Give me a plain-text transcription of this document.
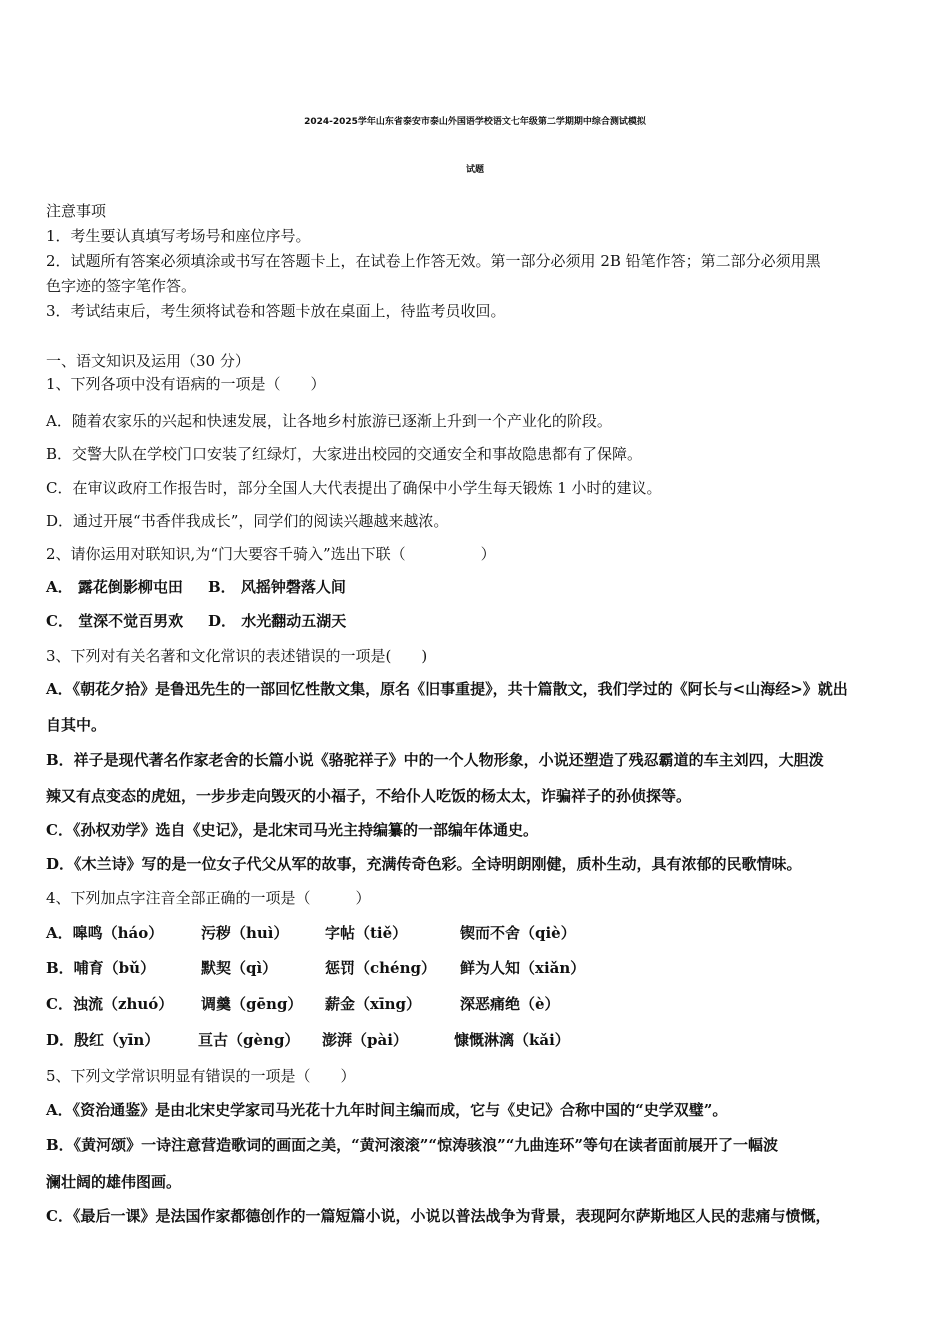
2024-2025学年山东省泰安市泰山外国语学校语文七年级第二学期期中综合测试模拟
试题

注意事项

1．考生要认真填写考场号和座位序号。

2．试题所有答案必须填涂或书写在答题卡上，在试卷上作答无效。第一部分必须用 2B 铅笔作答；第二部分必须用黑

色字迹的签字笔作答。

3．考试结束后，考生须将试卷和答题卡放在桌面上，待监考员收回。

一、语文知识及运用（30 分）

1、下列各项中没有语病的一项是（　　）

A．随着农家乐的兴起和快速发展，让各地乡村旅游已逐渐上升到一个产业化的阶段。

B．交警大队在学校门口安装了红绿灯，大家进出校园的交通安全和事故隐患都有了保障。

C．在审议政府工作报告时，部分全国人大代表提出了确保中小学生每天锻炼 1 小时的建议。

D．通过开展“书香伴我成长”，同学们的阅读兴趣越来越浓。

2、请你运用对联知识,为“门大要容千骑入”选出下联（　　　　　）

A． 露花倒影柳屯田 B． 风摇钟磬落人间

C． 堂深不觉百男欢 D． 水光翻动五湖天

3、下列对有关名著和文化常识的表述错误的一项是(　　)

A．《朝花夕拾》是鲁迅先生的一部回忆性散文集，原名《旧事重提》，共十篇散文，我们学过的《阿长与<山海经>》就出

自其中。

B．祥子是现代著名作家老舍的长篇小说《骆驼祥子》中的一个人物形象，小说还塑造了残忍霸道的车主刘四，大胆泼

辣又有点变态的虎妞，一步步走向毁灭的小福子，不给仆人吃饭的杨太太，诈骗祥子的孙侦探等。

C．《孙权劝学》选自《史记》，是北宋司马光主持编纂的一部编年体通史。

D．《木兰诗》写的是一位女子代父从军的故事，充满传奇色彩。全诗明朗刚健，质朴生动，具有浓郁的民歌情味。

4、下列加点字注音全部正确的一项是（　　　）

A．嗥鸣（háo）	污秽（huì） 字帖（tiě）	锲而不舍（qiè）

B．哺育（bǔ）	默契（qì）	惩罚（chéng） 鲜为人知（xiǎn）

C．浊流（zhuó） 调羹（gēng） 薪金（xīng）	深恶痛绝（è）

D．殷红（yīn）	亘古（gèng） 澎湃（pài）	慷慨淋漓（kǎi）

5、下列文学常识明显有错误的一项是（　　）

A．《资治通鉴》是由北宋史学家司马光花十九年时间主编而成，它与《史记》合称中国的“史学双璧”。

B．《黄河颂》一诗注意营造歌词的画面之美，“黄河滚滚”“惊涛骇浪”“九曲连环”等句在读者面前展开了一幅波

澜壮阔的雄伟图画。

C．《最后一课》是法国作家都德创作的一篇短篇小说，小说以普法战争为背景，表现阿尔萨斯地区人民的悲痛与愤慨，
